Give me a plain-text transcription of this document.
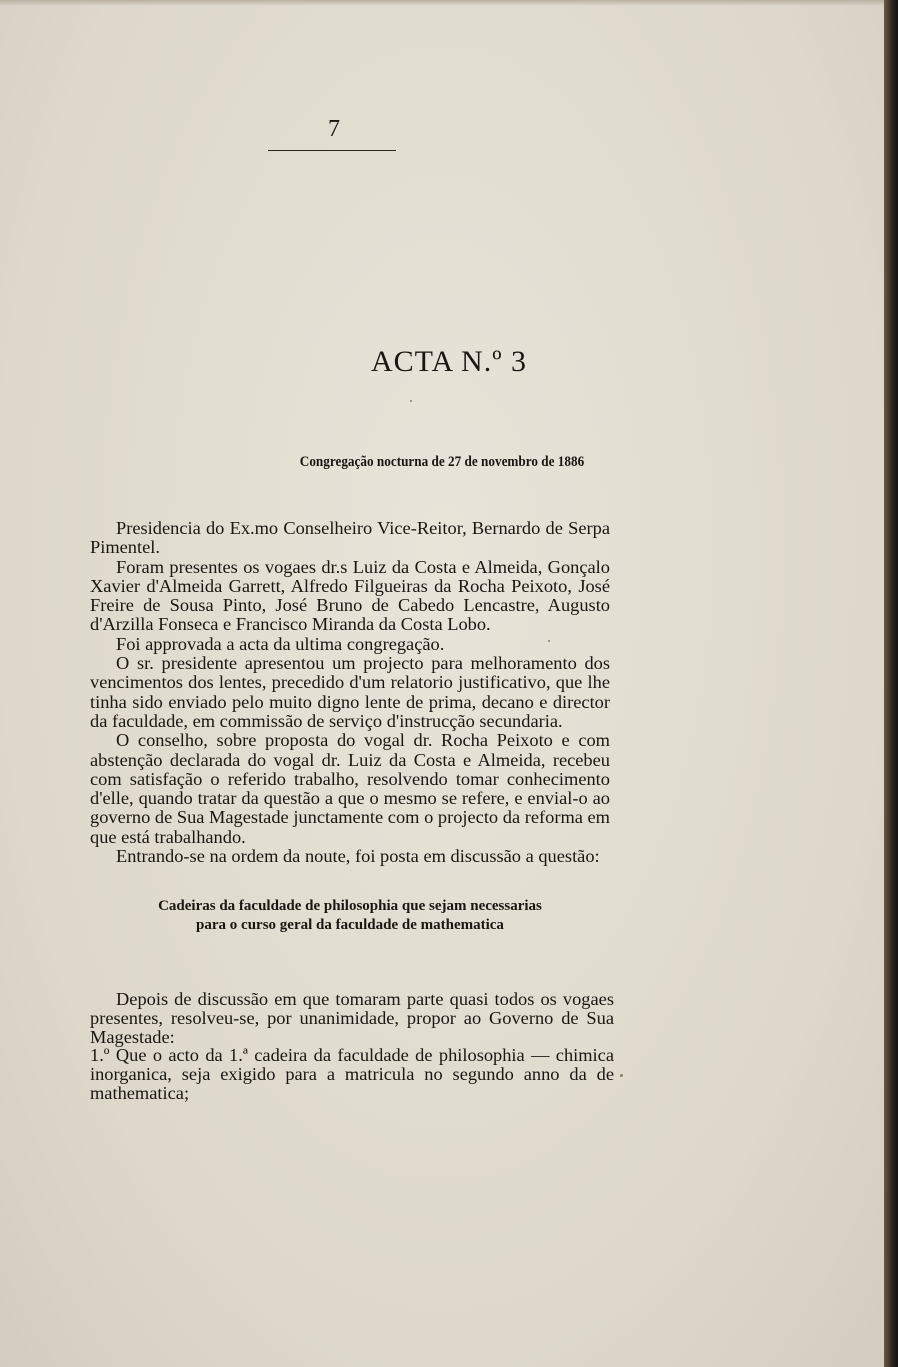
7
ACTA N.º 3
Congregação nocturna de 27 de novembro de 1886

Presidencia do Ex.mo Conselheiro Vice-Reitor, Bernardo de Serpa Pimentel.

Foram presentes os vogaes dr.s Luiz da Costa e Almeida, Gonçalo Xavier d'Almeida Garrett, Alfredo Filgueiras da Rocha Peixoto, José Freire de Sousa Pinto, José Bruno de Cabedo Lencastre, Augusto d'Arzilla Fonseca e Francisco Miranda da Costa Lobo.

Foi approvada a acta da ultima congregação.

O sr. presidente apresentou um projecto para melhoramento dos vencimentos dos lentes, precedido d'um relatorio justificativo, que lhe tinha sido enviado pelo muito digno lente de prima, decano e director da faculdade, em commissão de serviço d'instrucção secundaria.

O conselho, sobre proposta do vogal dr. Rocha Peixoto e com abstenção declarada do vogal dr. Luiz da Costa e Almeida, recebeu com satisfação o referido trabalho, resolvendo tomar conhecimento d'elle, quando tratar da questão a que o mesmo se refere, e envial-o ao governo de Sua Magestade junctamente com o projecto da reforma em que está trabalhando.

Entrando-se na ordem da noute, foi posta em discussão a questão:

Cadeiras da faculdade de philosophia que sejam necessarias
para o curso geral da faculdade de mathematica

Depois de discussão em que tomaram parte quasi todos os vogaes presentes, resolveu-se, por unanimidade, propor ao Governo de Sua Magestade:

1.º Que o acto da 1.ª cadeira da faculdade de philosophia — chimica inorganica, seja exigido para a matricula no segundo anno da de mathematica;
